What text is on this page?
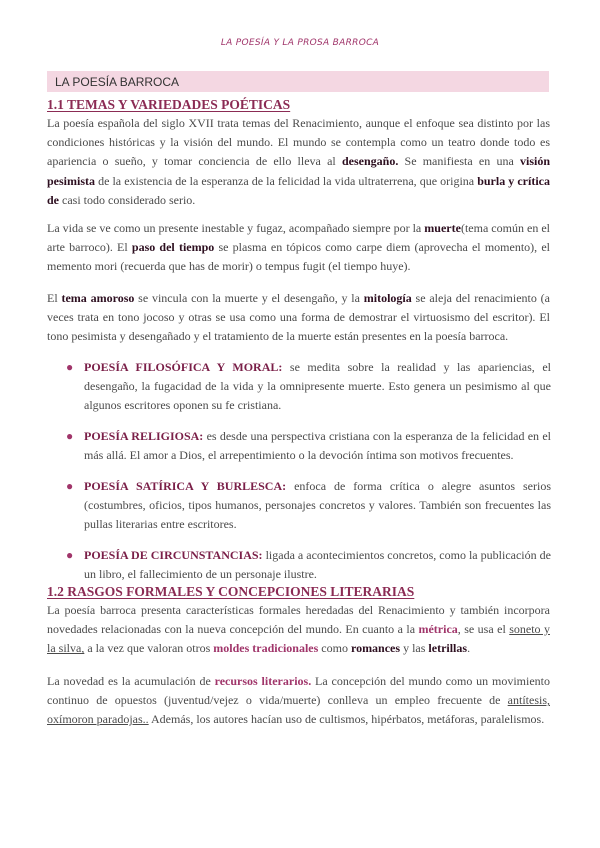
LA POESÍA Y LA PROSA BARROCA
LA POESÍA BARROCA
1.1 TEMAS Y VARIEDADES POÉTICAS
La poesía española del siglo XVII trata temas del Renacimiento, aunque el enfoque sea distinto por las condiciones históricas y la visión del mundo. El mundo se contempla como un teatro donde todo es apariencia o sueño, y tomar conciencia de ello lleva al desengaño. Se manifiesta en una visión pesimista de la existencia de la esperanza de la felicidad la vida ultraterrena, que origina burla y crítica de casi todo considerado serio.
La vida se ve como un presente inestable y fugaz, acompañado siempre por la muerte(tema común en el arte barroco). El paso del tiempo se plasma en tópicos como carpe diem (aprovecha el momento), el memento mori (recuerda que has de morir) o tempus fugit (el tiempo huye).
El tema amoroso se vincula con la muerte y el desengaño, y la mitología se aleja del renacimiento (a veces trata en tono jocoso y otras se usa como una forma de demostrar el virtuosismo del escritor). El tono pesimista y desengañado y el tratamiento de la muerte están presentes en la poesía barroca.
● POESÍA FILOSÓFICA Y MORAL: se medita sobre la realidad y las apariencias, el desengaño, la fugacidad de la vida y la omnipresente muerte. Esto genera un pesimismo al que algunos escritores oponen su fe cristiana.
● POESÍA RELIGIOSA: es desde una perspectiva cristiana con la esperanza de la felicidad en el más allá. El amor a Dios, el arrepentimiento o la devoción íntima son motivos frecuentes.
● POESÍA SATÍRICA Y BURLESCA: enfoca de forma crítica o alegre asuntos serios (costumbres, oficios, tipos humanos, personajes concretos y valores. También son frecuentes las pullas literarias entre escritores.
● POESÍA DE CIRCUNSTANCIAS: ligada a acontecimientos concretos, como la publicación de un libro, el fallecimiento de un personaje ilustre.
1.2 RASGOS FORMALES Y CONCEPCIONES LITERARIAS
La poesía barroca presenta características formales heredadas del Renacimiento y también incorpora novedades relacionadas con la nueva concepción del mundo. En cuanto a la métrica, se usa el soneto y la silva, a la vez que valoran otros moldes tradicionales como romances y las letrillas.
La novedad es la acumulación de recursos literarios. La concepción del mundo como un movimiento continuo de opuestos (juventud/vejez o vida/muerte) conlleva un empleo frecuente de antítesis, oxímoron paradojas.. Además, los autores hacían uso de cultismos, hipérbatos, metáforas, paralelismos.
